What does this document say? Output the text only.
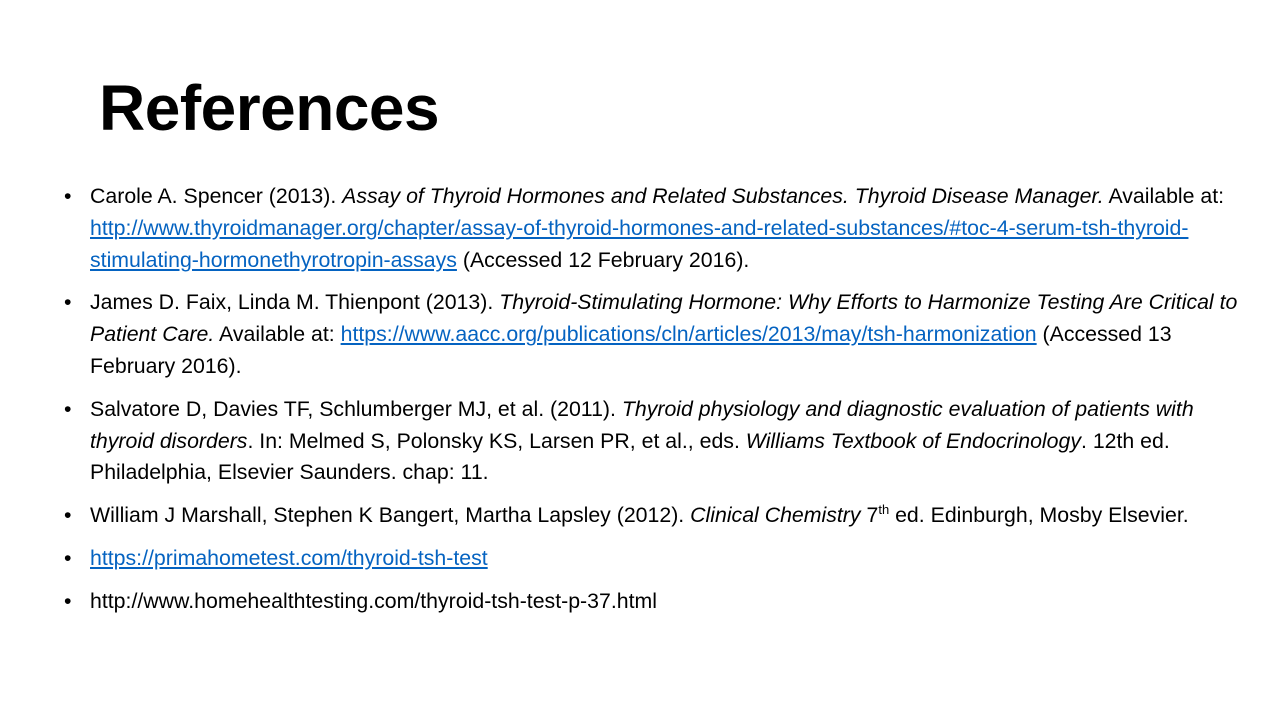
References
• Carole A. Spencer (2013). Assay of Thyroid Hormones and Related Substances. Thyroid Disease Manager. Available at: http://www.thyroidmanager.org/chapter/assay-of-thyroid-hormones-and-related-substances/#toc-4-serum-tsh-thyroid-stimulating-hormonethyrotropin-assays (Accessed 12 February 2016).
• James D. Faix, Linda M. Thienpont (2013). Thyroid-Stimulating Hormone: Why Efforts to Harmonize Testing Are Critical to Patient Care. Available at: https://www.aacc.org/publications/cln/articles/2013/may/tsh-harmonization (Accessed 13 February 2016).
• Salvatore D, Davies TF, Schlumberger MJ, et al. (2011). Thyroid physiology and diagnostic evaluation of patients with thyroid disorders. In: Melmed S, Polonsky KS, Larsen PR, et al., eds. Williams Textbook of Endocrinology. 12th ed. Philadelphia, Elsevier Saunders. chap: 11.
• William J Marshall, Stephen K Bangert, Martha Lapsley (2012). Clinical Chemistry 7th ed. Edinburgh, Mosby Elsevier.
• https://primahometest.com/thyroid-tsh-test
• http://www.homehealthtesting.com/thyroid-tsh-test-p-37.html
